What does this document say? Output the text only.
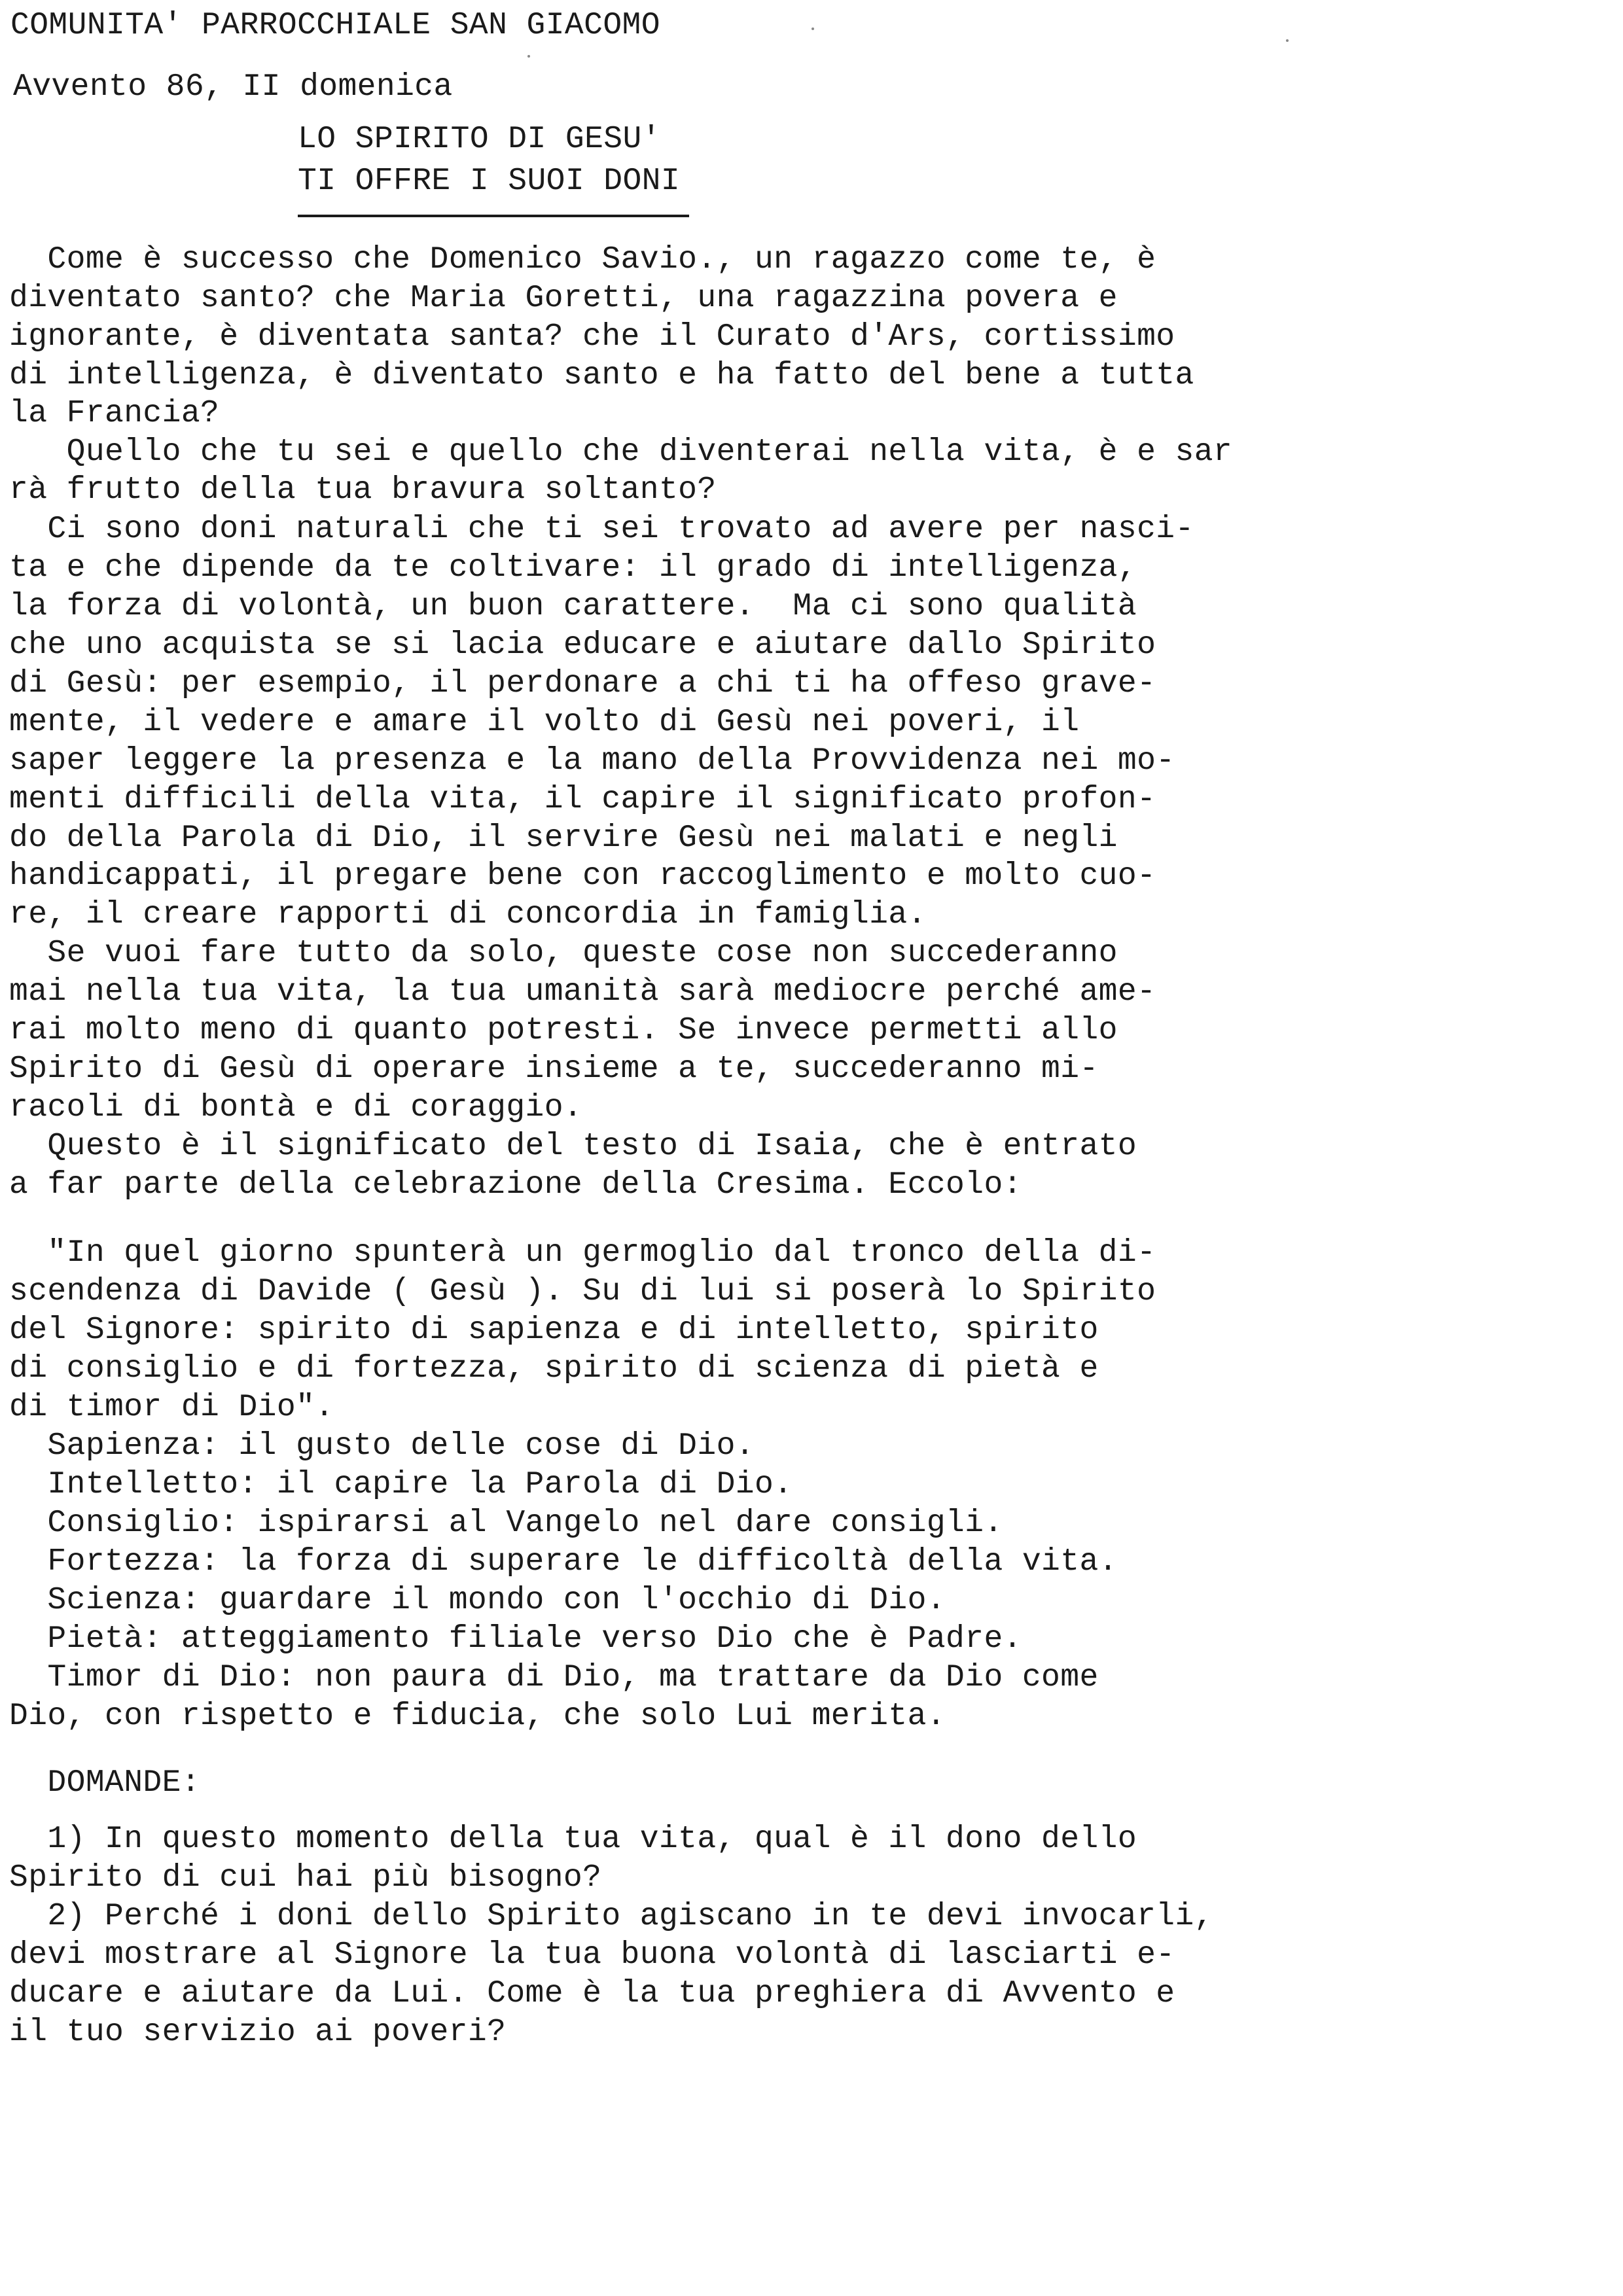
COMUNITA' PARROCCHIALE SAN GIACOMO
Avvento 86, II domenica
LO SPIRITO DI GESU'
TI OFFRE I SUOI DONI
Come è successo che Domenico Savio., un ragazzo come te, è
diventato santo? che Maria Goretti, una ragazzina povera e
ignorante, è diventata santa? che il Curato d'Ars, cortissimo
di intelligenza, è diventato santo e ha fatto del bene a tutta
la Francia?
Quello che tu sei e quello che diventerai nella vita, è e sar
rà frutto della tua bravura soltanto?
Ci sono doni naturali che ti sei trovato ad avere per nasci-
ta e che dipende da te coltivare: il grado di intelligenza,
la forza di volontà, un buon carattere.  Ma ci sono qualità
che uno acquista se si lacia educare e aiutare dallo Spirito
di Gesù: per esempio, il perdonare a chi ti ha offeso grave-
mente, il vedere e amare il volto di Gesù nei poveri, il
saper leggere la presenza e la mano della Provvidenza nei mo-
menti difficili della vita, il capire il significato profon-
do della Parola di Dio, il servire Gesù nei malati e negli
handicappati, il pregare bene con raccoglimento e molto cuo-
re, il creare rapporti di concordia in famiglia.
Se vuoi fare tutto da solo, queste cose non succederanno
mai nella tua vita, la tua umanità sarà mediocre perché ame-
rai molto meno di quanto potresti. Se invece permetti allo
Spirito di Gesù di operare insieme a te, succederanno mi-
racoli di bontà e di coraggio.
Questo è il significato del testo di Isaia, che è entrato
a far parte della celebrazione della Cresima. Eccolo:
"In quel giorno spunterà un germoglio dal tronco della di-
scendenza di Davide ( Gesù ). Su di lui si poserà lo Spirito
del Signore: spirito di sapienza e di intelletto, spirito
di consiglio e di fortezza, spirito di scienza di pietà e
di timor di Dio".
Sapienza: il gusto delle cose di Dio.
Intelletto: il capire la Parola di Dio.
Consiglio: ispirarsi al Vangelo nel dare consigli.
Fortezza: la forza di superare le difficoltà della vita.
Scienza: guardare il mondo con l'occhio di Dio.
Pietà: atteggiamento filiale verso Dio che è Padre.
Timor di Dio: non paura di Dio, ma trattare da Dio come
Dio, con rispetto e fiducia, che solo Lui merita.
DOMANDE:
1) In questo momento della tua vita, qual è il dono dello
Spirito di cui hai più bisogno?
2) Perché i doni dello Spirito agiscano in te devi invocarli,
devi mostrare al Signore la tua buona volontà di lasciarti e-
ducare e aiutare da Lui. Come è la tua preghiera di Avvento e
il tuo servizio ai poveri?
